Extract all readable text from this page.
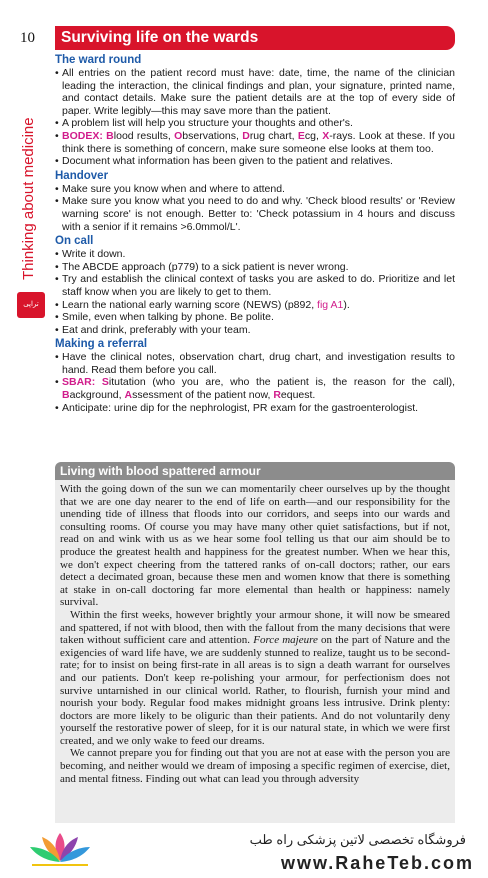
10	Surviving life on the wards
Thinking about medicine
تراپی
The ward round
• All entries on the patient record must have: date, time, the name of the clinician leading the interaction, the clinical findings and plan, your signature, printed name, and contact details. Make sure the patient details are at the top of every side of paper. Write legibly—this may save more than the patient.
• A problem list will help you structure your thoughts and other's.
• BODEX: Blood results, Observations, Drug chart, Ecg, X-rays. Look at these. If you think there is something of concern, make sure someone else looks at them too.
• Document what information has been given to the patient and relatives.
Handover
• Make sure you know when and where to attend.
• Make sure you know what you need to do and why. 'Check blood results' or 'Review warning score' is not enough. Better to: 'Check potassium in 4 hours and discuss with a senior if it remains >6.0mmol/L'.
On call
• Write it down.
• The ABCDE approach (p779) to a sick patient is never wrong.
• Try and establish the clinical context of tasks you are asked to do. Prioritize and let staff know when you are likely to get to them.
• Learn the national early warning score (NEWS) (p892, fig A1).
• Smile, even when talking by phone. Be polite.
• Eat and drink, preferably with your team.
Making a referral
• Have the clinical notes, observation chart, drug chart, and investigation results to hand. Read them before you call.
• SBAR: Situtation (who you are, who the patient is, the reason for the call), Background, Assessment of the patient now, Request.
• Anticipate: urine dip for the nephrologist, PR exam for the gastroenterologist.
Living with blood spattered armour

With the going down of the sun we can momentarily cheer ourselves up by the thought that we are one day nearer to the end of life on earth—and our responsibility for the unending tide of illness that floods into our corridors, and seeps into our wards and consulting rooms. Of course you may have many other quiet satisfactions, but if not, read on and wink with us as we hear some fool telling us that our aim should be to produce the greatest health and happiness for the greatest number. When we hear this, we don't expect cheering from the tattered ranks of on-call doctors; rather, our ears detect a decimated groan, because these men and women know that there is something at stake in on-call doctoring far more elemental than health or happiness: namely survival.

Within the first weeks, however brightly your armour shone, it will now be smeared and spattered, if not with blood, then with the fallout from the many decisions that were taken without sufficient care and attention. Force majeure on the part of Nature and the exigencies of ward life have, we are suddenly stunned to realize, taught us to be second-rate; for to insist on being first-rate in all areas is to sign a death warrant for ourselves and our patients. Don't keep re-polishing your armour, for perfectionism does not survive untarnished in our clinical world. Rather, to flourish, furnish your mind and nourish your body. Regular food makes midnight groans less intrusive. Drink plenty: doctors are more likely to be oliguric than their patients. And do not voluntarily deny yourself the restorative power of sleep, for it is our natural state, in which we were first created, and we only wake to feed our dreams.

We cannot prepare you for finding out that you are not at ease with the person you are becoming, and neither would we dream of imposing a specific regimen of exercise, diet, and mental fitness. Finding out what can lead you through adversity

فروشگاه تخصصی لاتین پزشکی راه طب
www.RaheTeb.com
